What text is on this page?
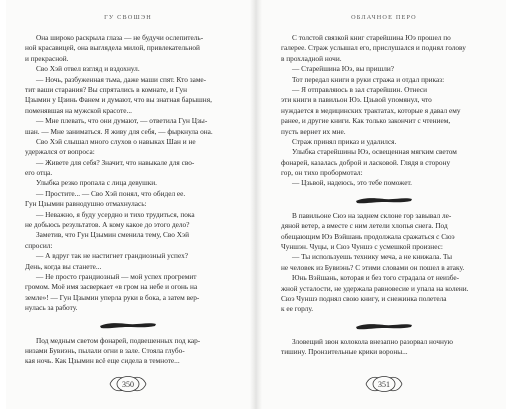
ГУ СВОШЭН
Она широко раскрыла глаза — не будучи ослепитель-
ной красавицей, она выглядела милой, привлекательной
и прекрасной.
Сво Хэй отвел взгляд и вздохнул.
— Ночь, разбуженная тьма, даже маши спят. Кто заме-
тит ваши старания? Вы спрятались в комнате, и Гун
Цзымин у Цзинь Фанем и думают, что вы знатная барышня,
поменявшая на мужской красоте...
— Мне плевать, что они думают, — ответила Гун Цзы-
шан. — Мне заниматься. Я живу для себя, — фыркнула она.
Сво Хэй слышал много слухов о навыках Шан и не
удержался от вопроса:
— Живете для себя? Значит, что навыкале для сво-
его отца.
Улыбка резко пропала с лица девушки.
— Простите... — Сво Хэй понял, что обидел ее.
Гун Цзымин равнодушно отмахнулась:
— Неважно, я буду усердно и тихо трудиться, пока
не добьюсь результатов. А кому какое до этого дело?
Заметив, что Гун Цзымин сменила тему, Сво Хэй
спросил:
— А вдруг так не настигнет грандиозный успех?
День, когда вы станете...
— Не просто грандиозный — мой успех прогремит
громом. Моё имя засверкает «в гром на небе и огонь на
земле»! — Гун Цзымин уперла руки в бока, а затем вер-
нулась за работу.
Под медным светом фонарей, подвешенных под кар-
низами Бувиэнь, пылали огни в зале. Стояла глубо-
кая ночь. Как Цзымин всё еще сидела в темноте...
350
ОБЛАЧНОЕ ПЕРО
С толстой связкой книг старейшина Юэ прошел по
галерее. Страж услышал его, прислушался и поднял голову
в прохладной ночи.
— Старейшина Юэ, вы пришли?
Тот передал книги в руки стража и отдал приказ:
— Я отправляюсь в зал старейшин. Отнеси
эти книги в павильон Юэ. Цзьвой упомянул, что
нуждается в медицинских трактатах, которые я давал ему
ранее, и другие книги. Как только закончит с чтением,
пусть вернет их мне.
Страж принял приказ и удалился.
Улыбка старейшины Юэ, освещенная мягким светом
фонарей, казалась доброй и ласковой. Глядя в сторону
гор, он тихо пробормотал:
— Цзьвой, надеюсь, это тебе поможет.
В павильоне Сюэ на заднем склоне гор завывал ле-
дяной ветер, а вместе с ним летели хлопья снега. Под
обещающим Юэ Вэйшань продолжала сражаться с Сюэ
Чуншэн. Чуцы, и Сюэ Чуншэ с усмешкой произнес:
— Ты используешь технику меча, а не книжала. Ты
не человек из Бувиэнь? С этими словами он пошел в атаку.
Юнь Вэйшань, которая и без того страдала от неизбе-
жной усталости, не удержала равновесие и упала на колени.
Сюэ Чуншэ поднял свою книгу, и снежинка полетела
к ее горлу.
Зловещий звон колокола внезапно разорвал ночную
тишину. Пронзительные крики вороны...
351
